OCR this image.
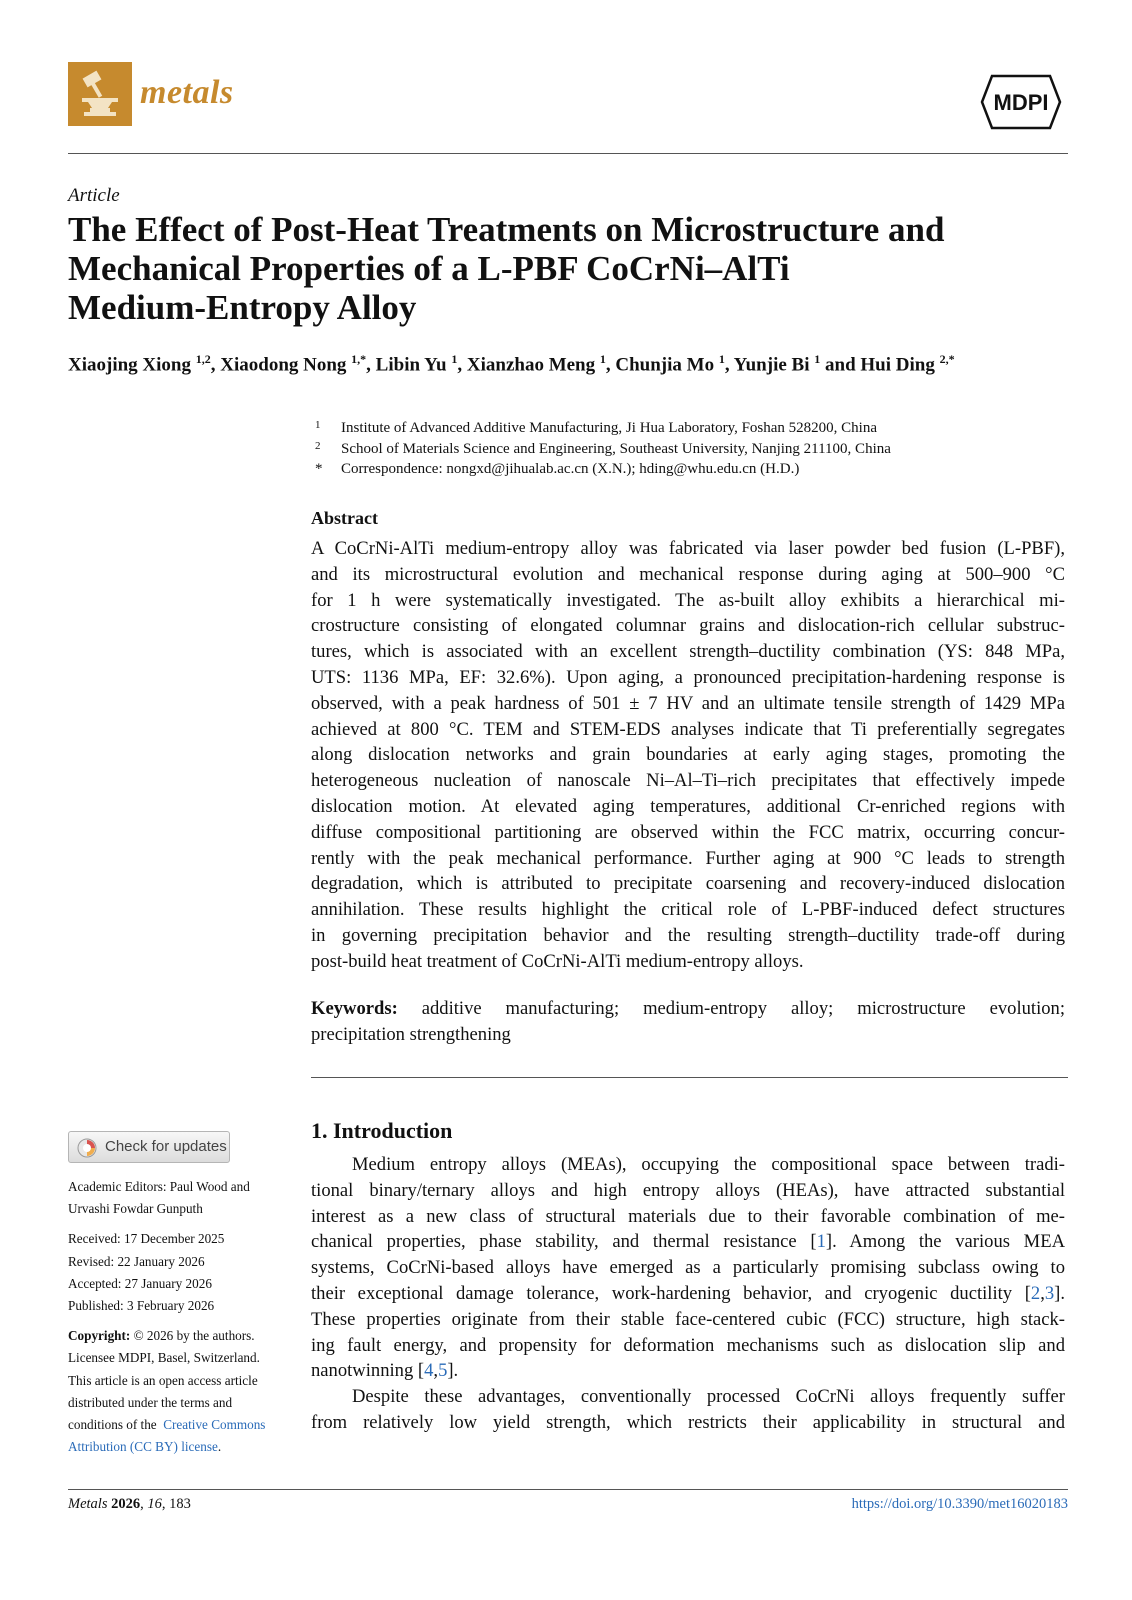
metals	MDPI
Article
The Effect of Post-Heat Treatments on Microstructure and
Mechanical Properties of a L-PBF CoCrNi–AlTi
Medium-Entropy Alloy
Xiaojing Xiong $^{1,2}$, Xiaodong Nong $^{1,*}$, Libin Yu $^1$, Xianzhao Meng $^1$, Chunjia Mo $^1$, Yunjie Bi $^1$ and Hui Ding $^{2,*}$
1 Institute of Advanced Additive Manufacturing, Ji Hua Laboratory, Foshan 528200, China
2 School of Materials Science and Engineering, Southeast University, Nanjing 211100, China
* Correspondence: nongxd@jihualab.ac.cn (X.N.); hding@whu.edu.cn (H.D.)
Abstract
A CoCrNi-AlTi medium-entropy alloy was fabricated via laser powder bed fusion (L-PBF),
and its microstructural evolution and mechanical response during aging at 500–900 °C
for 1 h were systematically investigated. The as-built alloy exhibits a hierarchical mi-
crostructure consisting of elongated columnar grains and dislocation-rich cellular substruc-
tures, which is associated with an excellent strength–ductility combination (YS: 848 MPa,
UTS: 1136 MPa, EF: 32.6%). Upon aging, a pronounced precipitation-hardening response is
observed, with a peak hardness of 501 ± 7 HV and an ultimate tensile strength of 1429 MPa
achieved at 800 °C. TEM and STEM-EDS analyses indicate that Ti preferentially segregates
along dislocation networks and grain boundaries at early aging stages, promoting the
heterogeneous nucleation of nanoscale Ni–Al–Ti–rich precipitates that effectively impede
dislocation motion. At elevated aging temperatures, additional Cr-enriched regions with
diffuse compositional partitioning are observed within the FCC matrix, occurring concur-
rently with the peak mechanical performance. Further aging at 900 °C leads to strength
degradation, which is attributed to precipitate coarsening and recovery-induced dislocation
annihilation. These results highlight the critical role of L-PBF-induced defect structures
in governing precipitation behavior and the resulting strength–ductility trade-off during
post-build heat treatment of CoCrNi-AlTi medium-entropy alloys.
Keywords: additive manufacturing; medium-entropy alloy; microstructure evolution;
precipitation strengthening
1. Introduction
Medium entropy alloys (MEAs), occupying the compositional space between tradi-
tional binary/ternary alloys and high entropy alloys (HEAs), have attracted substantial
interest as a new class of structural materials due to their favorable combination of me-
chanical properties, phase stability, and thermal resistance [1]. Among the various MEA
systems, CoCrNi-based alloys have emerged as a particularly promising subclass owing to
their exceptional damage tolerance, work-hardening behavior, and cryogenic ductility [2,3].
These properties originate from their stable face-centered cubic (FCC) structure, high stack-
ing fault energy, and propensity for deformation mechanisms such as dislocation slip and
nanotwinning [4,5].
Despite these advantages, conventionally processed CoCrNi alloys frequently suffer
from relatively low yield strength, which restricts their applicability in structural and
Check for updates
Academic Editors: Paul Wood and
Urvashi Fowdar Gunputh
Received: 17 December 2025
Revised: 22 January 2026
Accepted: 27 January 2026
Published: 3 February 2026
Copyright: © 2026 by the authors.
Licensee MDPI, Basel, Switzerland.
This article is an open access article
distributed under the terms and
conditions of the Creative Commons
Attribution (CC BY) license.
Metals 2026, 16, 183	https://doi.org/10.3390/met16020183
